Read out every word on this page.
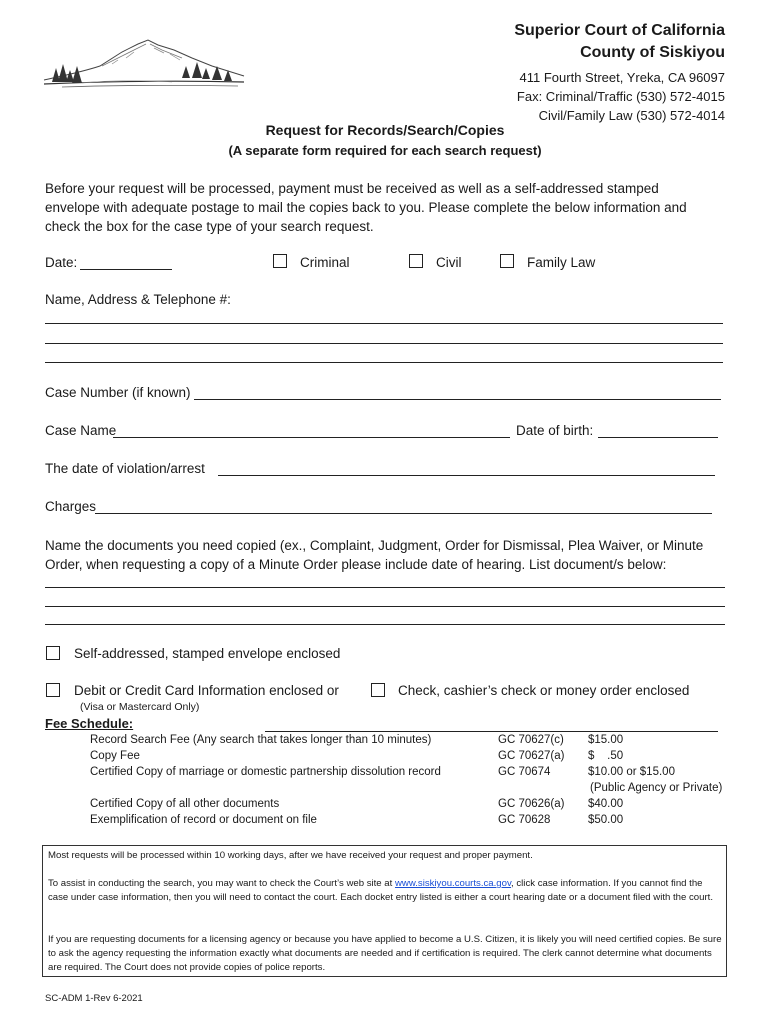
Superior Court of California
County of Siskiyou
411 Fourth Street, Yreka, CA 96097
Fax: Criminal/Traffic (530) 572-4015
Civil/Family Law (530) 572-4014
Request for Records/Search/Copies
(A separate form required for each search request)
Before your request will be processed, payment must be received as well as a self-addressed stamped
envelope with adequate postage to mail the copies back to you. Please complete the below information and
check the box for the case type of your search request.
Date:	Criminal	Civil	Family Law
Name, Address & Telephone #:
Case Number (if known)
Case Name	Date of birth:
The date of violation/arrest
Charges
Name the documents you need copied (ex., Complaint, Judgment, Order for Dismissal, Plea Waiver, or Minute
Order, when requesting a copy of a Minute Order please include date of hearing. List document/s below:
Self-addressed, stamped envelope enclosed
Debit or Credit Card Information enclosed or
(Visa or Mastercard Only)
Check, cashier’s check or money order enclosed
Fee Schedule:
Record Search Fee (Any search that takes longer than 10 minutes)	GC 70627(c) $15.00
Copy Fee	GC 70627(a) $    .50
Certified Copy of marriage or domestic partnership dissolution record	GC 70674	$10.00 or $15.00
(Public Agency or Private)
Certified Copy of all other documents	GC 70626(a) $40.00
Exemplification of record or document on file	GC 70628	$50.00
Most requests will be processed within 10 working days, after we have received your request and proper payment.
To assist in conducting the search, you may want to check the Court’s web site at www.siskiyou.courts.ca.gov, click case information. If you cannot find the case under case information, then you will need to contact the court. Each docket entry listed is either a court hearing date or a document filed with the court.
If you are requesting documents for a licensing agency or because you have applied to become a U.S. Citizen, it is likely you will need certified copies. Be sure to ask the agency requesting the information exactly what documents are needed and if certification is required. The clerk cannot determine what documents are required. The Court does not provide copies of police reports.
SC-ADM 1-Rev 6-2021
